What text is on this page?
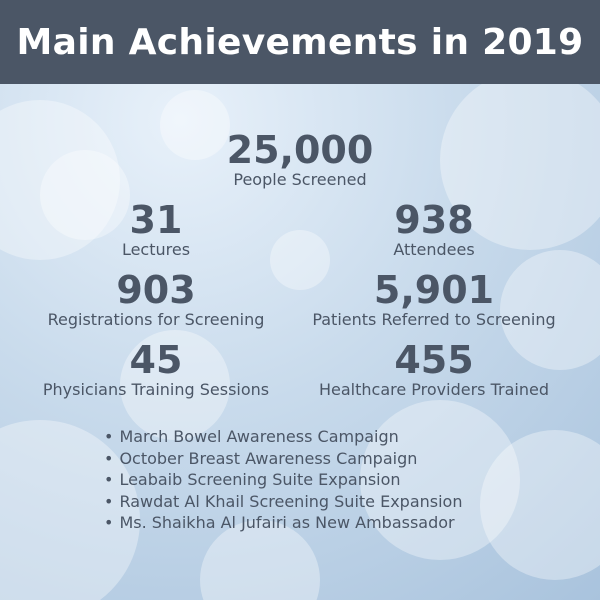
Main Achievements in 2019
25,000
People Screened
31
Lectures
938
Attendees
903
Registrations for Screening
5,901
Patients Referred to Screening
45
Physicians Training Sessions
455
Healthcare Providers Trained
• March Bowel Awareness Campaign
• October Breast Awareness Campaign
• Leabaib Screening Suite Expansion
• Rawdat Al Khail Screening Suite Expansion
• Ms. Shaikha Al Jufairi as New Ambassador
